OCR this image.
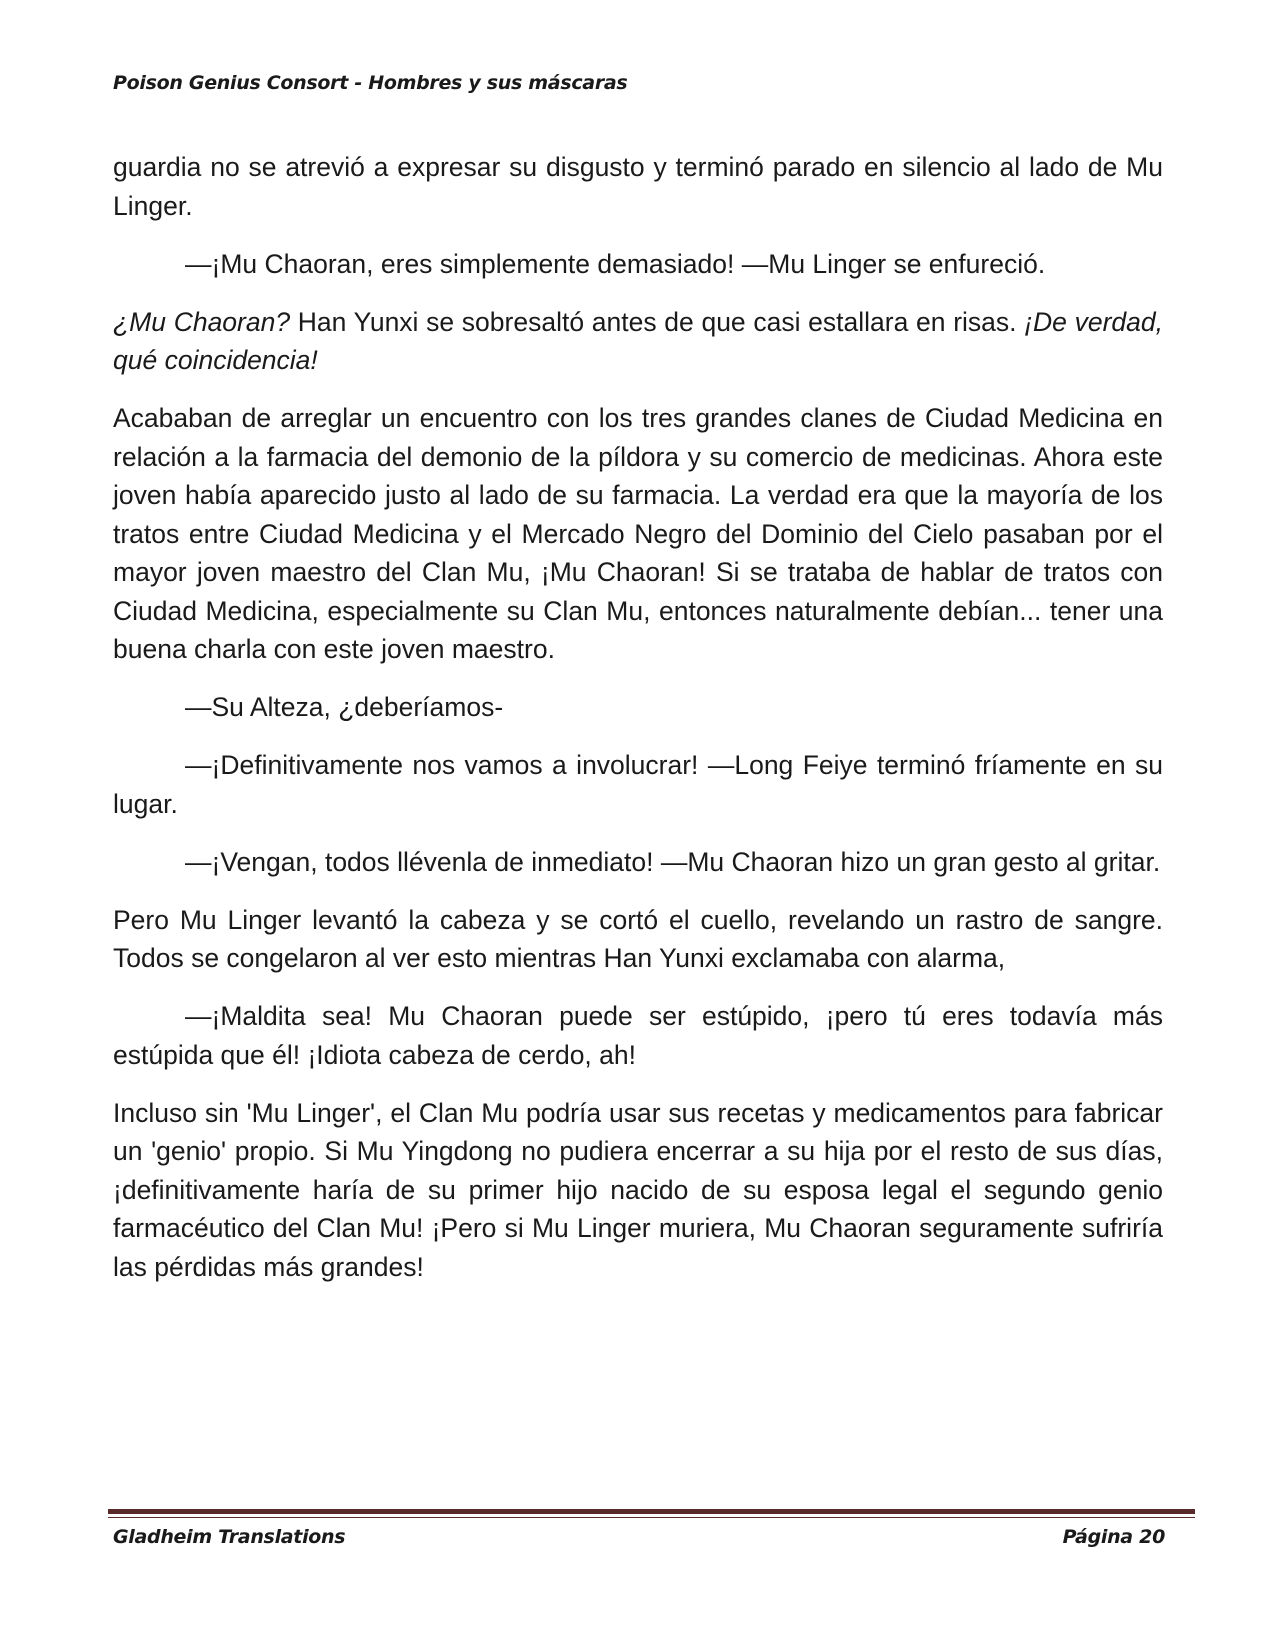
Poison Genius Consort - Hombres y sus máscaras

guardia no se atrevió a expresar su disgusto y terminó parado en silencio al lado de Mu Linger.

—¡Mu Chaoran, eres simplemente demasiado! —Mu Linger se enfureció.

¿Mu Chaoran? Han Yunxi se sobresaltó antes de que casi estallara en risas. ¡De verdad, qué coincidencia!

Acababan de arreglar un encuentro con los tres grandes clanes de Ciudad Medicina en relación a la farmacia del demonio de la píldora y su comercio de medicinas. Ahora este joven había aparecido justo al lado de su farmacia. La verdad era que la mayoría de los tratos entre Ciudad Medicina y el Mercado Negro del Dominio del Cielo pasaban por el mayor joven maestro del Clan Mu, ¡Mu Chaoran! Si se trataba de hablar de tratos con Ciudad Medicina, especialmente su Clan Mu, entonces naturalmente debían... tener una buena charla con este joven maestro.

—Su Alteza, ¿deberíamos-

—¡Definitivamente nos vamos a involucrar! —Long Feiye terminó fríamente en su lugar.

—¡Vengan, todos llévenla de inmediato! —Mu Chaoran hizo un gran gesto al gritar.

Pero Mu Linger levantó la cabeza y se cortó el cuello, revelando un rastro de sangre. Todos se congelaron al ver esto mientras Han Yunxi exclamaba con alarma,

—¡Maldita sea! Mu Chaoran puede ser estúpido, ¡pero tú eres todavía más estúpida que él! ¡Idiota cabeza de cerdo, ah!

Incluso sin 'Mu Linger', el Clan Mu podría usar sus recetas y medicamentos para fabricar un 'genio' propio. Si Mu Yingdong no pudiera encerrar a su hija por el resto de sus días, ¡definitivamente haría de su primer hijo nacido de su esposa legal el segundo genio farmacéutico del Clan Mu! ¡Pero si Mu Linger muriera, Mu Chaoran seguramente sufriría las pérdidas más grandes!

Gladheim Translations	Página 20
